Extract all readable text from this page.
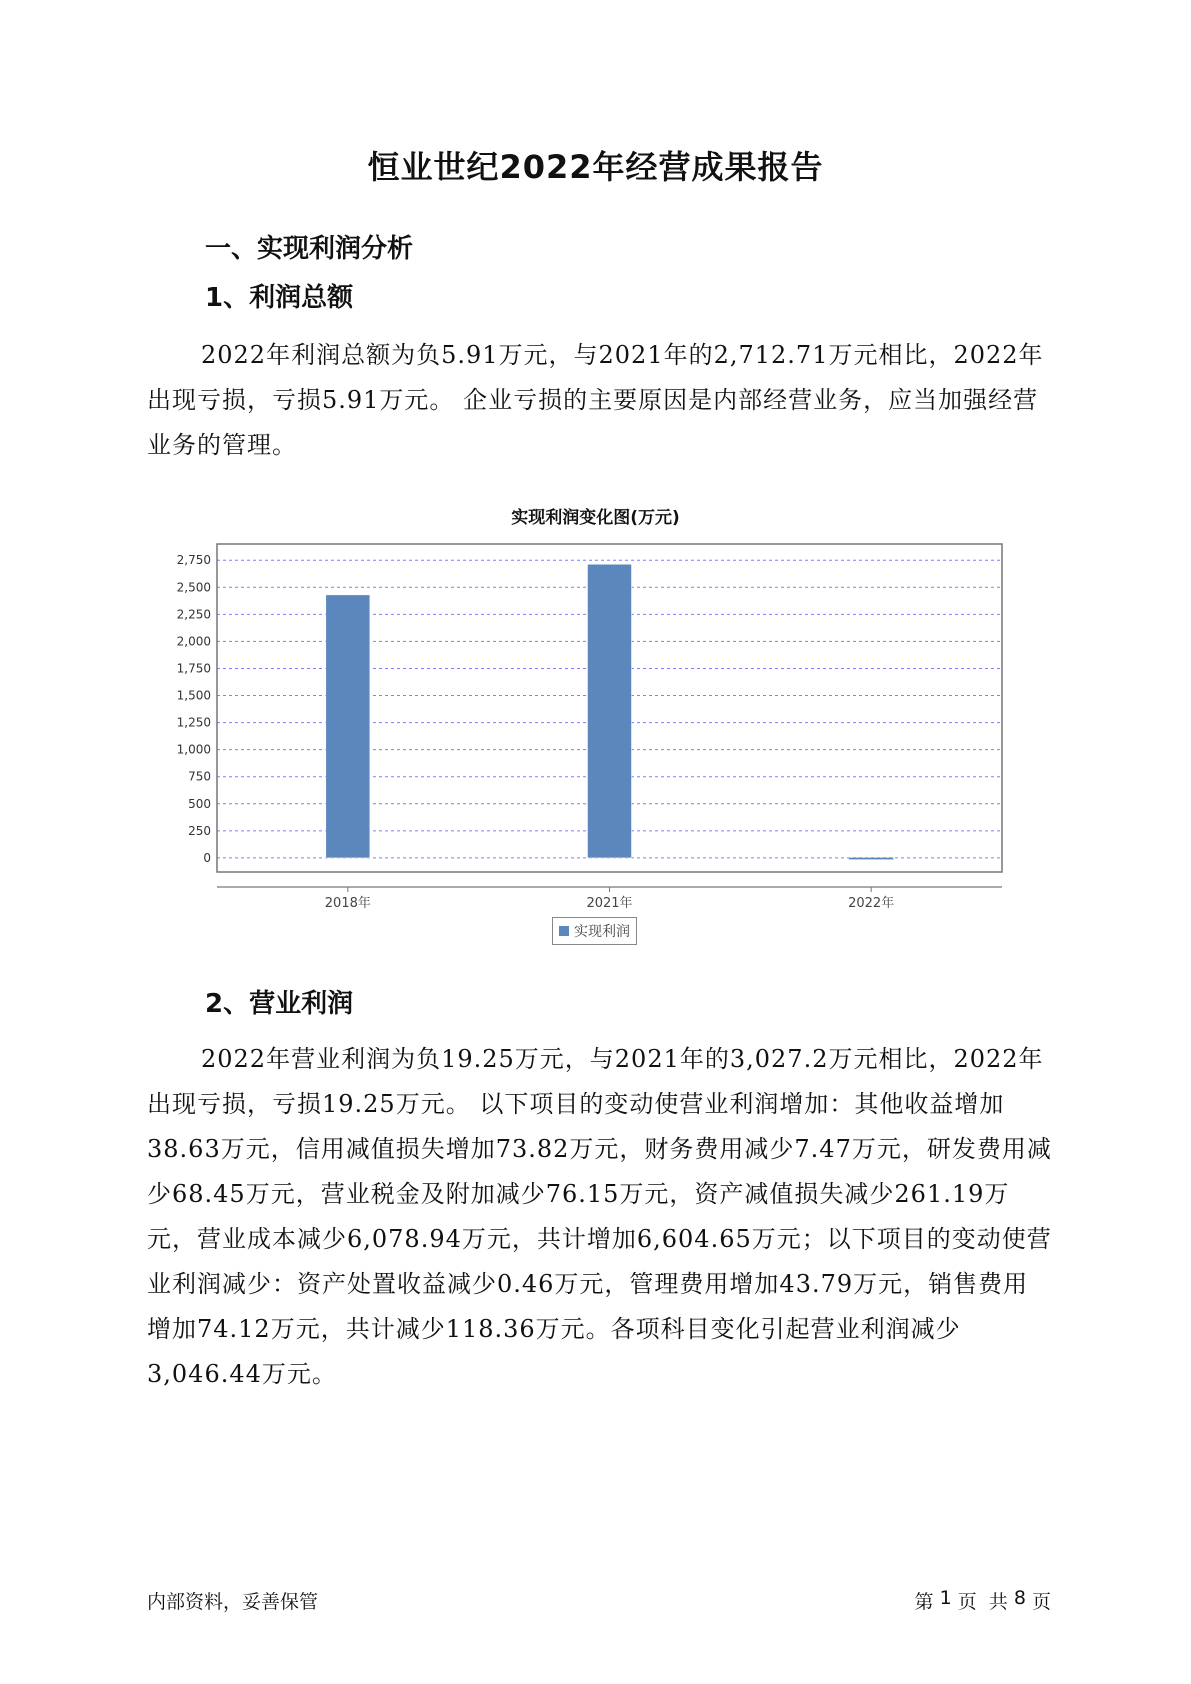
恒业世纪2022年经营成果报告
一、实现利润分析
1、利润总额

2022年利润总额为负5.91万元，与2021年的2,712.71万元相比，2022年出现亏损，亏损5.91万元。 企业亏损的主要原因是内部经营业务，应当加强经营业务的管理。

实现利润变化图(万元)
0
250
500
750
1,000
1,250
1,500
1,750
2,000
2,250
2,500
2,750
2018年	2021年	2022年
实现利润
2、营业利润

2022年营业利润为负19.25万元，与2021年的3,027.2万元相比，2022年出现亏损，亏损19.25万元。 以下项目的变动使营业利润增加：其他收益增加38.63万元，信用减值损失增加73.82万元，财务费用减少7.47万元，研发费用减少68.45万元，营业税金及附加减少76.15万元，资产减值损失减少261.19万元，营业成本减少6,078.94万元，共计增加6,604.65万元；以下项目的变动使营业利润减少：资产处置收益减少0.46万元，管理费用增加43.79万元，销售费用增加74.12万元，共计减少118.36万元。各项科目变化引起营业利润减少3,046.44万元。

内部资料，妥善保管	第
1
页  共
8
页
